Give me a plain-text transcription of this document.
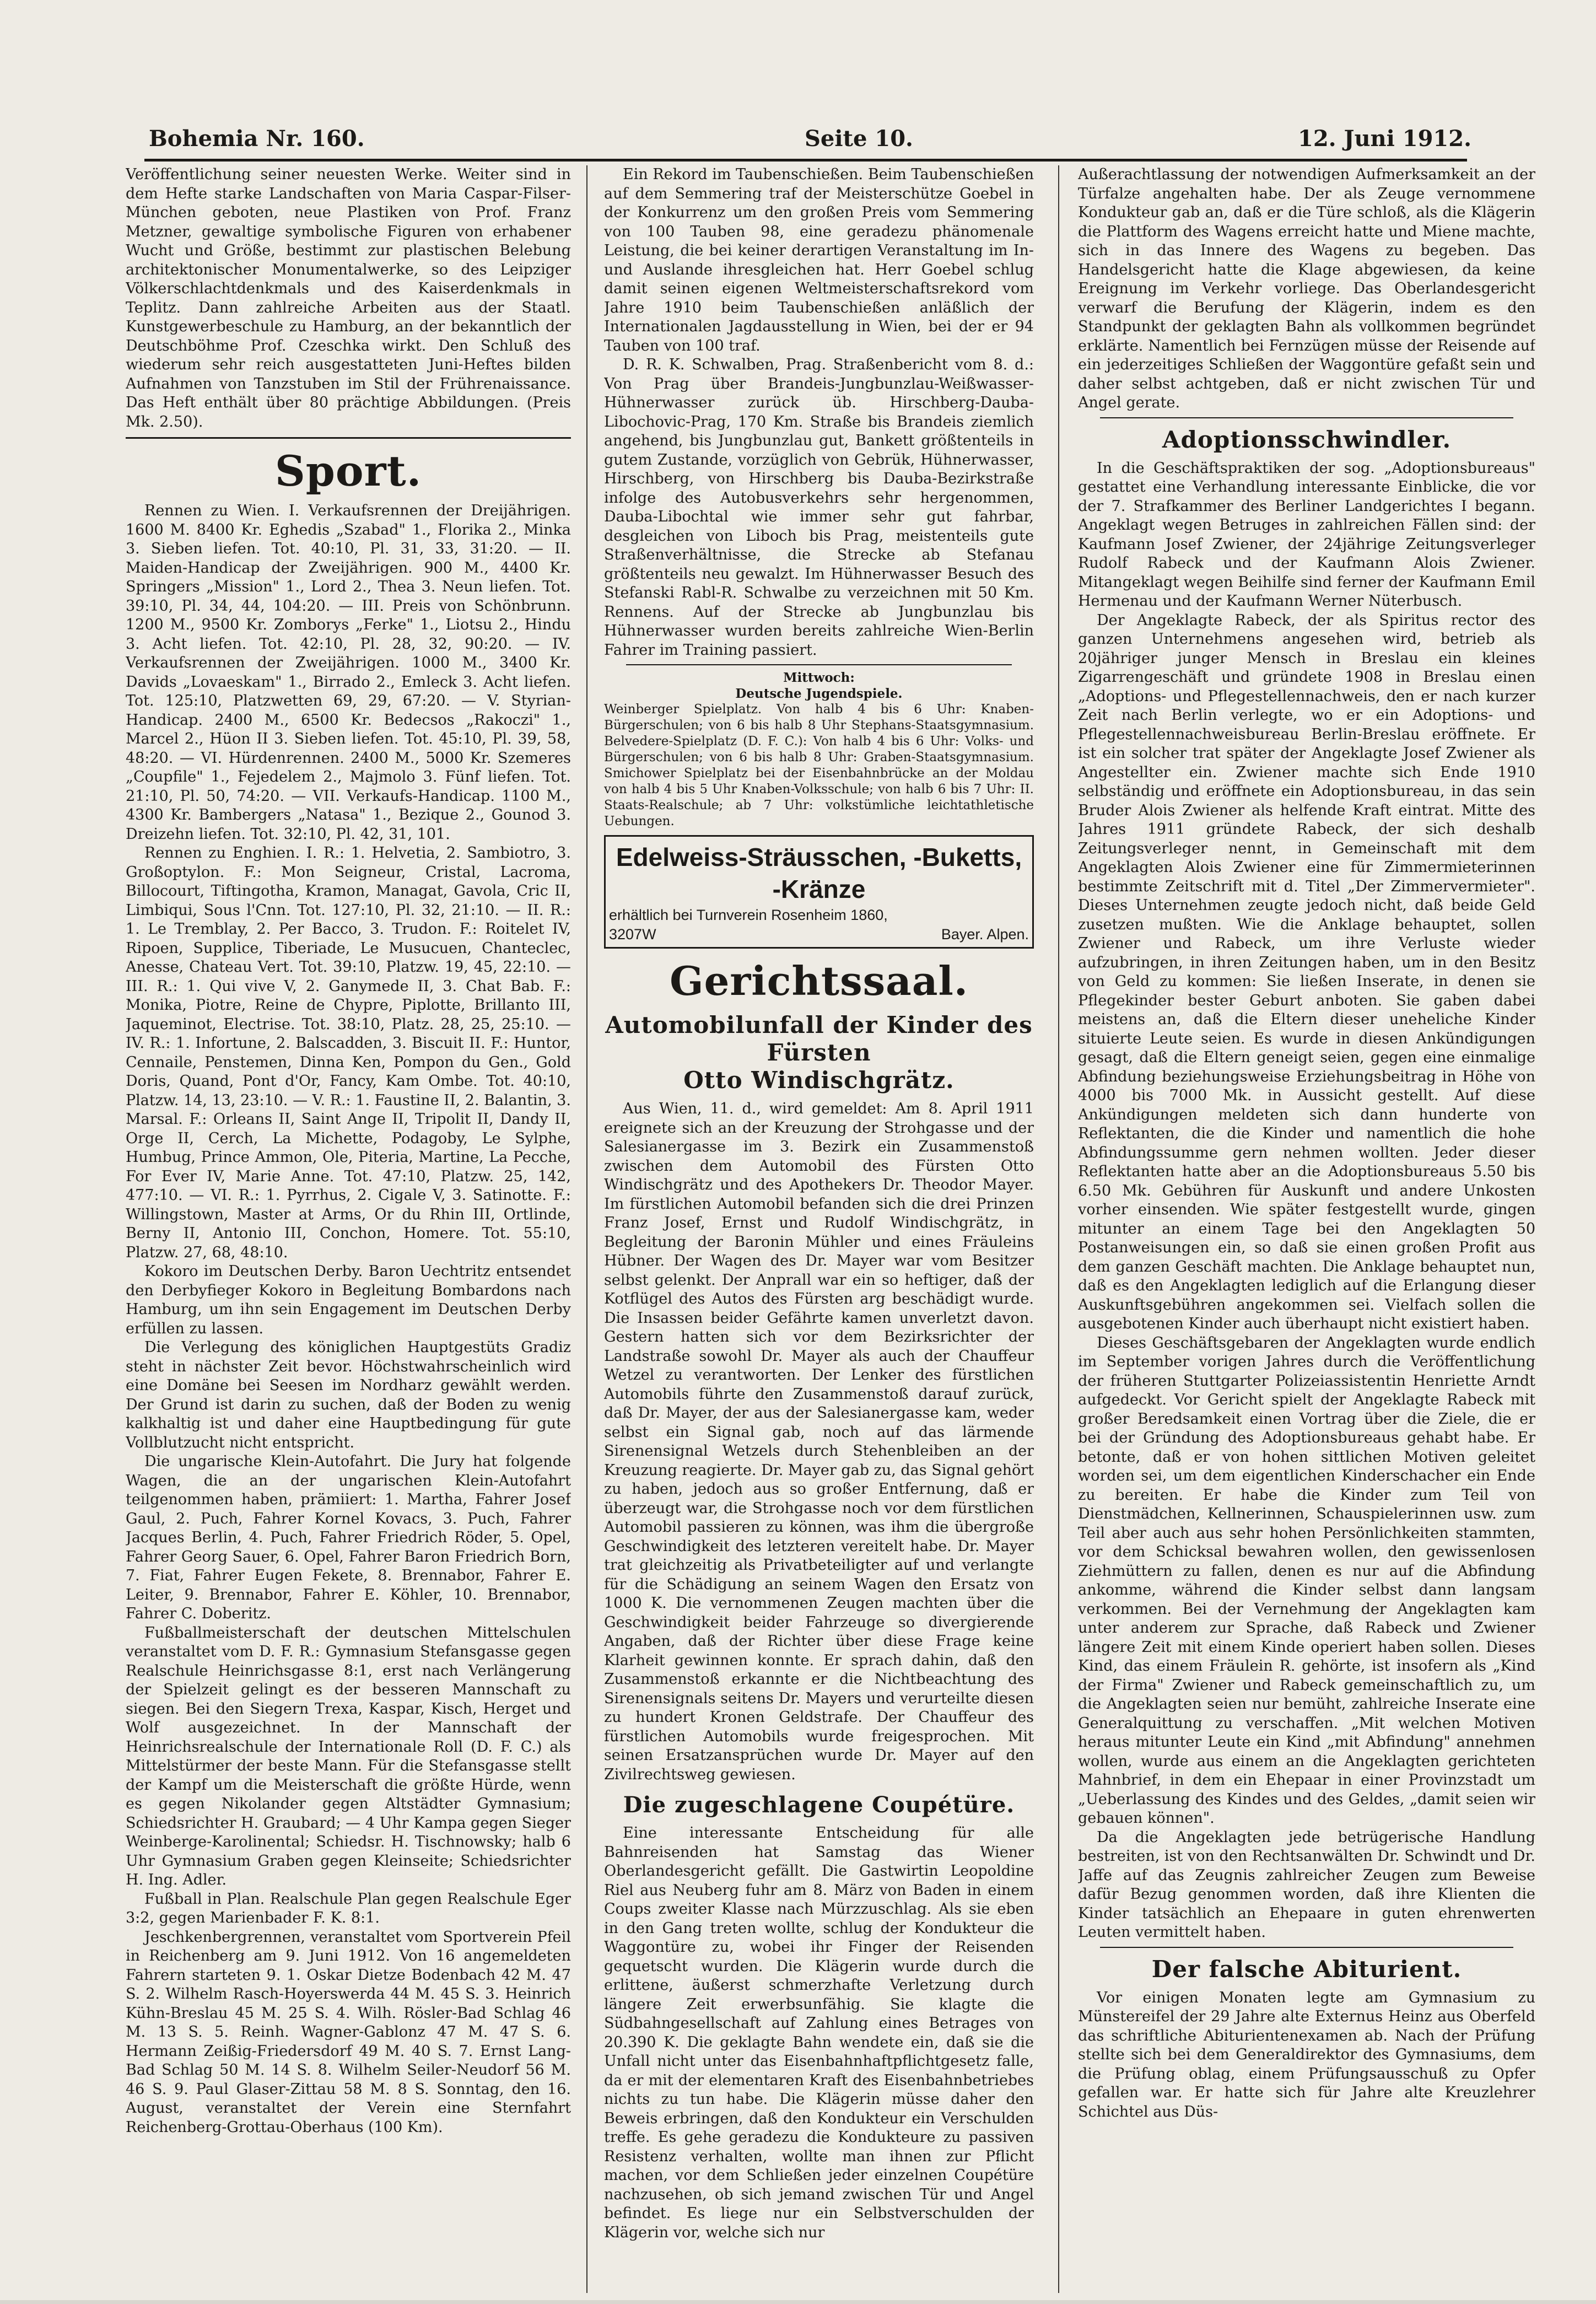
Bohemia Nr. 160.	Seite 10.	12. Juni 1912.

Veröffentlichung seiner neuesten Werke. Weiter sind in dem Hefte starke Landschaften von Maria Caspar-Filser-München geboten, neue Plastiken von Prof. Franz Metzner, gewaltige symbolische Figuren von erhabener Wucht und Größe, bestimmt zur plastischen Belebung architektonischer Monumentalwerke, so des Leipziger Völkerschlachtdenkmals und des Kaiserdenkmals in Teplitz. Dann zahlreiche Arbeiten aus der Staatl. Kunstgewerbeschule zu Hamburg, an der bekanntlich der Deutschböhme Prof. Czeschka wirkt. Den Schluß des wiederum sehr reich ausgestatteten Juni-Heftes bilden Aufnahmen von Tanzstuben im Stil der Frührenaissance. Das Heft enthält über 80 prächtige Abbildungen. (Preis Mk. 2.50).

Sport.

Rennen zu Wien. I. Verkaufsrennen der Dreijährigen. 1600 M. 8400 Kr. Eghedis „Szabad" 1., Florika 2., Minka 3. Sieben liefen. Tot. 40:10, Pl. 31, 33, 31:20. — II. Maiden-Handicap der Zweijährigen. 900 M., 4400 Kr. Springers „Mission" 1., Lord 2., Thea 3. Neun liefen. Tot. 39:10, Pl. 34, 44, 104:20. — III. Preis von Schönbrunn. 1200 M., 9500 Kr. Zomborys „Ferke" 1., Liotsu 2., Hindu 3. Acht liefen. Tot. 42:10, Pl. 28, 32, 90:20. — IV. Verkaufsrennen der Zweijährigen. 1000 M., 3400 Kr. Davids „Lovaeskam" 1., Birrado 2., Emleck 3. Acht liefen. Tot. 125:10, Platzwetten 69, 29, 67:20. — V. Styrian-Handicap. 2400 M., 6500 Kr. Bedecsos „Rakoczi" 1., Marcel 2., Hüon II 3. Sieben liefen. Tot. 45:10, Pl. 39, 58, 48:20. — VI. Hürdenrennen. 2400 M., 5000 Kr. Szemeres „Coupfile" 1., Fejedelem 2., Majmolo 3. Fünf liefen. Tot. 21:10, Pl. 50, 74:20. — VII. Verkaufs-Handicap. 1100 M., 4300 Kr. Bambergers „Natasa" 1., Bezique 2., Gounod 3. Dreizehn liefen. Tot. 32:10, Pl. 42, 31, 101.

Rennen zu Enghien. I. R.: 1. Helvetia, 2. Sambiotro, 3. Großoptylon. F.: Mon Seigneur, Cristal, Lacroma, Billocourt, Tiftingotha, Kramon, Managat, Gavola, Cric II, Limbiqui, Sous l'Cnn. Tot. 127:10, Pl. 32, 21:10. — II. R.: 1. Le Tremblay, 2. Per Bacco, 3. Trudon. F.: Roitelet IV, Ripoen, Supplice, Tiberiade, Le Musucuen, Chanteclec, Anesse, Chateau Vert. Tot. 39:10, Platzw. 19, 45, 22:10. — III. R.: 1. Qui vive V, 2. Ganymede II, 3. Chat Bab. F.: Monika, Piotre, Reine de Chypre, Piplotte, Brillanto III, Jaqueminot, Electrise. Tot. 38:10, Platz. 28, 25, 25:10. — IV. R.: 1. Infortune, 2. Balscadden, 3. Biscuit II. F.: Huntor, Cennaile, Penstemen, Dinna Ken, Pompon du Gen., Gold Doris, Quand, Pont d'Or, Fancy, Kam Ombe. Tot. 40:10, Platzw. 14, 13, 23:10. — V. R.: 1. Faustine II, 2. Balantin, 3. Marsal. F.: Orleans II, Saint Ange II, Tripolit II, Dandy II, Orge II, Cerch, La Michette, Podagoby, Le Sylphe, Humbug, Prince Ammon, Ole, Piteria, Martine, La Pecche, For Ever IV, Marie Anne. Tot. 47:10, Platzw. 25, 142, 477:10. — VI. R.: 1. Pyrrhus, 2. Cigale V, 3. Satinotte. F.: Willingstown, Master at Arms, Or du Rhin III, Ortlinde, Berny II, Antonio III, Conchon, Homere. Tot. 55:10, Platzw. 27, 68, 48:10.

Kokoro im Deutschen Derby. Baron Uechtritz entsendet den Derbyfieger Kokoro in Begleitung Bombardons nach Hamburg, um ihn sein Engagement im Deutschen Derby erfüllen zu lassen.

Die Verlegung des königlichen Hauptgestüts Gradiz steht in nächster Zeit bevor. Höchstwahrscheinlich wird eine Domäne bei Seesen im Nordharz gewählt werden. Der Grund ist darin zu suchen, daß der Boden zu wenig kalkhaltig ist und daher eine Hauptbedingung für gute Vollblutzucht nicht entspricht.

Die ungarische Klein-Autofahrt. Die Jury hat folgende Wagen, die an der ungarischen Klein-Autofahrt teilgenommen haben, prämiiert: 1. Martha, Fahrer Josef Gaul, 2. Puch, Fahrer Kornel Kovacs, 3. Puch, Fahrer Jacques Berlin, 4. Puch, Fahrer Friedrich Röder, 5. Opel, Fahrer Georg Sauer, 6. Opel, Fahrer Baron Friedrich Born, 7. Fiat, Fahrer Eugen Fekete, 8. Brennabor, Fahrer E. Leiter, 9. Brennabor, Fahrer E. Köhler, 10. Brennabor, Fahrer C. Doberitz.

Fußballmeisterschaft der deutschen Mittelschulen veranstaltet vom D. F. R.: Gymnasium Stefansgasse gegen Realschule Heinrichsgasse 8:1, erst nach Verlängerung der Spielzeit gelingt es der besseren Mannschaft zu siegen. Bei den Siegern Trexa, Kaspar, Kisch, Herget und Wolf ausgezeichnet. In der Mannschaft der Heinrichsrealschule der Internationale Roll (D. F. C.) als Mittelstürmer der beste Mann. Für die Stefansgasse stellt der Kampf um die Meisterschaft die größte Hürde, wenn es gegen Nikolander gegen Altstädter Gymnasium; Schiedsrichter H. Graubard; — 4 Uhr Kampa gegen Sieger Weinberge-Karolinental; Schiedsr. H. Tischnowsky; halb 6 Uhr Gymnasium Graben gegen Kleinseite; Schiedsrichter H. Ing. Adler.

Fußball in Plan. Realschule Plan gegen Realschule Eger 3:2, gegen Marienbader F. K. 8:1.

Jeschkenbergrennen, veranstaltet vom Sportverein Pfeil in Reichenberg am 9. Juni 1912. Von 16 angemeldeten Fahrern starteten 9. 1. Oskar Dietze Bodenbach 42 M. 47 S. 2. Wilhelm Rasch-Hoyerswerda 44 M. 45 S. 3. Heinrich Kühn-Breslau 45 M. 25 S. 4. Wilh. Rösler-Bad Schlag 46 M. 13 S. 5. Reinh. Wagner-Gablonz 47 M. 47 S. 6. Hermann Zeißig-Friedersdorf 49 M. 40 S. 7. Ernst Lang-Bad Schlag 50 M. 14 S. 8. Wilhelm Seiler-Neudorf 56 M. 46 S. 9. Paul Glaser-Zittau 58 M. 8 S. Sonntag, den 16. August, veranstaltet der Verein eine Sternfahrt Reichenberg-Grottau-Oberhaus (100 Km).

Ein Rekord im Taubenschießen. Beim Taubenschießen auf dem Semmering traf der Meisterschütze Goebel in der Konkurrenz um den großen Preis vom Semmering von 100 Tauben 98, eine geradezu phänomenale Leistung, die bei keiner derartigen Veranstaltung im In- und Auslande ihresgleichen hat. Herr Goebel schlug damit seinen eigenen Weltmeisterschaftsrekord vom Jahre 1910 beim Taubenschießen anläßlich der Internationalen Jagdausstellung in Wien, bei der er 94 Tauben von 100 traf.

D. R. K. Schwalben, Prag. Straßenbericht vom 8. d.: Von Prag über Brandeis-Jungbunzlau-Weißwasser-Hühnerwasser zurück üb. Hirschberg-Dauba-Libochovic-Prag, 170 Km. Straße bis Brandeis ziemlich angehend, bis Jungbunzlau gut, Bankett größtenteils in gutem Zustande, vorzüglich von Gebrük, Hühnerwasser, Hirschberg, von Hirschberg bis Dauba-Bezirkstraße infolge des Autobusverkehrs sehr hergenommen, Dauba-Libochtal wie immer sehr gut fahrbar, desgleichen von Liboch bis Prag, meistenteils gute Straßenverhältnisse, die Strecke ab Stefanau größtenteils neu gewalzt. Im Hühnerwasser Besuch des Stefanski Rabl-R. Schwalbe zu verzeichnen mit 50 Km. Rennens. Auf der Strecke ab Jungbunzlau bis Hühnerwasser wurden bereits zahlreiche Wien-Berlin Fahrer im Training passiert.

Mittwoch:

Deutsche Jugendspiele.

Weinberger Spielplatz. Von halb 4 bis 6 Uhr: Knaben-Bürgerschulen; von 6 bis halb 8 Uhr Stephans-Staatsgymnasium. Belvedere-Spielplatz (D. F. C.): Von halb 4 bis 6 Uhr: Volks- und Bürgerschulen; von 6 bis halb 8 Uhr: Graben-Staatsgymnasium. Smichower Spielplatz bei der Eisenbahnbrücke an der Moldau von halb 4 bis 5 Uhr Knaben-Volksschule; von halb 6 bis 7 Uhr: II. Staats-Realschule; ab 7 Uhr: volkstümliche leichtathletische Uebungen.

Edelweiss-Sträusschen, -Buketts, -Kränze
erhältlich bei Turnverein Rosenheim 1860,
3207W	Bayer. Alpen.
Gerichtssaal.
Automobilunfall der Kinder des Fürsten
Otto Windischgrätz.

Aus Wien, 11. d., wird gemeldet: Am 8. April 1911 ereignete sich an der Kreuzung der Strohgasse und der Salesianergasse im 3. Bezirk ein Zusammenstoß zwischen dem Automobil des Fürsten Otto Windischgrätz und des Apothekers Dr. Theodor Mayer. Im fürstlichen Automobil befanden sich die drei Prinzen Franz Josef, Ernst und Rudolf Windischgrätz, in Begleitung der Baronin Mühler und eines Fräuleins Hübner. Der Wagen des Dr. Mayer war vom Besitzer selbst gelenkt. Der Anprall war ein so heftiger, daß der Kotflügel des Autos des Fürsten arg beschädigt wurde. Die Insassen beider Gefährte kamen unverletzt davon. Gestern hatten sich vor dem Bezirksrichter der Landstraße sowohl Dr. Mayer als auch der Chauffeur Wetzel zu verantworten. Der Lenker des fürstlichen Automobils führte den Zusammenstoß darauf zurück, daß Dr. Mayer, der aus der Salesianergasse kam, weder selbst ein Signal gab, noch auf das lärmende Sirenensignal Wetzels durch Stehenbleiben an der Kreuzung reagierte. Dr. Mayer gab zu, das Signal gehört zu haben, jedoch aus so großer Entfernung, daß er überzeugt war, die Strohgasse noch vor dem fürstlichen Automobil passieren zu können, was ihm die übergroße Geschwindigkeit des letzteren vereitelt habe. Dr. Mayer trat gleichzeitig als Privatbeteiligter auf und verlangte für die Schädigung an seinem Wagen den Ersatz von 1000 K. Die vernommenen Zeugen machten über die Geschwindigkeit beider Fahrzeuge so divergierende Angaben, daß der Richter über diese Frage keine Klarheit gewinnen konnte. Er sprach dahin, daß den Zusammenstoß erkannte er die Nichtbeachtung des Sirenensignals seitens Dr. Mayers und verurteilte diesen zu hundert Kronen Geldstrafe. Der Chauffeur des fürstlichen Automobils wurde freigesprochen. Mit seinen Ersatzansprüchen wurde Dr. Mayer auf den Zivilrechtsweg gewiesen.

Die zugeschlagene Coupétüre.

Eine interessante Entscheidung für alle Bahnreisenden hat Samstag das Wiener Oberlandesgericht gefällt. Die Gastwirtin Leopoldine Riel aus Neuberg fuhr am 8. März von Baden in einem Coups zweiter Klasse nach Mürzzuschlag. Als sie eben in den Gang treten wollte, schlug der Kondukteur die Waggontüre zu, wobei ihr Finger der Reisenden gequetscht wurden. Die Klägerin wurde durch die erlittene, äußerst schmerzhafte Verletzung durch längere Zeit erwerbsunfähig. Sie klagte die Südbahngesellschaft auf Zahlung eines Betrages von 20.390 K. Die geklagte Bahn wendete ein, daß sie die Unfall nicht unter das Eisenbahnhaftpflichtgesetz falle, da er mit der elementaren Kraft des Eisenbahnbetriebes nichts zu tun habe. Die Klägerin müsse daher den Beweis erbringen, daß den Kondukteur ein Verschulden treffe. Es gehe geradezu die Kondukteure zu passiven Resistenz verhalten, wollte man ihnen zur Pflicht machen, vor dem Schließen jeder einzelnen Coupétüre nachzusehen, ob sich jemand zwischen Tür und Angel befindet. Es liege nur ein Selbstverschulden der Klägerin vor, welche sich nur

Außerachtlassung der notwendigen Aufmerksamkeit an der Türfalze angehalten habe. Der als Zeuge vernommene Kondukteur gab an, daß er die Türe schloß, als die Klägerin die Plattform des Wagens erreicht hatte und Miene machte, sich in das Innere des Wagens zu begeben. Das Handelsgericht hatte die Klage abgewiesen, da keine Ereignung im Verkehr vorliege. Das Oberlandesgericht verwarf die Berufung der Klägerin, indem es den Standpunkt der geklagten Bahn als vollkommen begründet erklärte. Namentlich bei Fernzügen müsse der Reisende auf ein jederzeitiges Schließen der Waggontüre gefaßt sein und daher selbst achtgeben, daß er nicht zwischen Tür und Angel gerate.

Adoptionsschwindler.

In die Geschäftspraktiken der sog. „Adoptionsbureaus" gestattet eine Verhandlung interessante Einblicke, die vor der 7. Strafkammer des Berliner Landgerichtes I begann. Angeklagt wegen Betruges in zahlreichen Fällen sind: der Kaufmann Josef Zwiener, der 24jährige Zeitungsverleger Rudolf Rabeck und der Kaufmann Alois Zwiener. Mitangeklagt wegen Beihilfe sind ferner der Kaufmann Emil Hermenau und der Kaufmann Werner Nüterbusch.

Der Angeklagte Rabeck, der als Spiritus rector des ganzen Unternehmens angesehen wird, betrieb als 20jähriger junger Mensch in Breslau ein kleines Zigarrengeschäft und gründete 1908 in Breslau einen „Adoptions- und Pflegestellennachweis, den er nach kurzer Zeit nach Berlin verlegte, wo er ein Adoptions- und Pflegestellennachweisbureau Berlin-Breslau eröffnete. Er ist ein solcher trat später der Angeklagte Josef Zwiener als Angestellter ein. Zwiener machte sich Ende 1910 selbständig und eröffnete ein Adoptionsbureau, in das sein Bruder Alois Zwiener als helfende Kraft eintrat. Mitte des Jahres 1911 gründete Rabeck, der sich deshalb Zeitungsverleger nennt, in Gemeinschaft mit dem Angeklagten Alois Zwiener eine für Zimmermieterinnen bestimmte Zeitschrift mit d. Titel „Der Zimmervermieter". Dieses Unternehmen zeugte jedoch nicht, daß beide Geld zusetzen mußten. Wie die Anklage behauptet, sollen Zwiener und Rabeck, um ihre Verluste wieder aufzubringen, in ihren Zeitungen haben, um in den Besitz von Geld zu kommen: Sie ließen Inserate, in denen sie Pflegekinder bester Geburt anboten. Sie gaben dabei meistens an, daß die Eltern dieser uneheliche Kinder situierte Leute seien. Es wurde in diesen Ankündigungen gesagt, daß die Eltern geneigt seien, gegen eine einmalige Abfindung beziehungsweise Erziehungsbeitrag in Höhe von 4000 bis 7000 Mk. in Aussicht gestellt. Auf diese Ankündigungen meldeten sich dann hunderte von Reflektanten, die die Kinder und namentlich die hohe Abfindungssumme gern nehmen wollten. Jeder dieser Reflektanten hatte aber an die Adoptionsbureaus 5.50 bis 6.50 Mk. Gebühren für Auskunft und andere Unkosten vorher einsenden. Wie später festgestellt wurde, gingen mitunter an einem Tage bei den Angeklagten 50 Postanweisungen ein, so daß sie einen großen Profit aus dem ganzen Geschäft machten. Die Anklage behauptet nun, daß es den Angeklagten lediglich auf die Erlangung dieser Auskunftsgebühren angekommen sei. Vielfach sollen die ausgebotenen Kinder auch überhaupt nicht existiert haben.

Dieses Geschäftsgebaren der Angeklagten wurde endlich im September vorigen Jahres durch die Veröffentlichung der früheren Stuttgarter Polizeiassistentin Henriette Arndt aufgedeckt. Vor Gericht spielt der Angeklagte Rabeck mit großer Beredsamkeit einen Vortrag über die Ziele, die er bei der Gründung des Adoptionsbureaus gehabt habe. Er betonte, daß er von hohen sittlichen Motiven geleitet worden sei, um dem eigentlichen Kinderschacher ein Ende zu bereiten. Er habe die Kinder zum Teil von Dienstmädchen, Kellnerinnen, Schauspielerinnen usw. zum Teil aber auch aus sehr hohen Persönlichkeiten stammten, vor dem Schicksal bewahren wollen, den gewissenlosen Ziehmüttern zu fallen, denen es nur auf die Abfindung ankomme, während die Kinder selbst dann langsam verkommen. Bei der Vernehmung der Angeklagten kam unter anderem zur Sprache, daß Rabeck und Zwiener längere Zeit mit einem Kinde operiert haben sollen. Dieses Kind, das einem Fräulein R. gehörte, ist insofern als „Kind der Firma" Zwiener und Rabeck gemeinschaftlich zu, um die Angeklagten seien nur bemüht, zahlreiche Inserate eine Generalquittung zu verschaffen. „Mit welchen Motiven heraus mitunter Leute ein Kind „mit Abfindung" annehmen wollen, wurde aus einem an die Angeklagten gerichteten Mahnbrief, in dem ein Ehepaar in einer Provinzstadt um „Ueberlassung des Kindes und des Geldes, „damit seien wir gebauen können".

Da die Angeklagten jede betrügerische Handlung bestreiten, ist von den Rechtsanwälten Dr. Schwindt und Dr. Jaffe auf das Zeugnis zahlreicher Zeugen zum Beweise dafür Bezug genommen worden, daß ihre Klienten die Kinder tatsächlich an Ehepaare in guten ehrenwerten Leuten vermittelt haben.

Der falsche Abiturient.

Vor einigen Monaten legte am Gymnasium zu Münstereifel der 29 Jahre alte Externus Heinz aus Oberfeld das schriftliche Abiturientenexamen ab. Nach der Prüfung stellte sich bei dem Generaldirektor des Gymnasiums, dem die Prüfung oblag, einem Prüfungsausschuß zu Opfer gefallen war. Er hatte sich für Jahre alte Kreuzlehrer Schichtel aus Düs-
